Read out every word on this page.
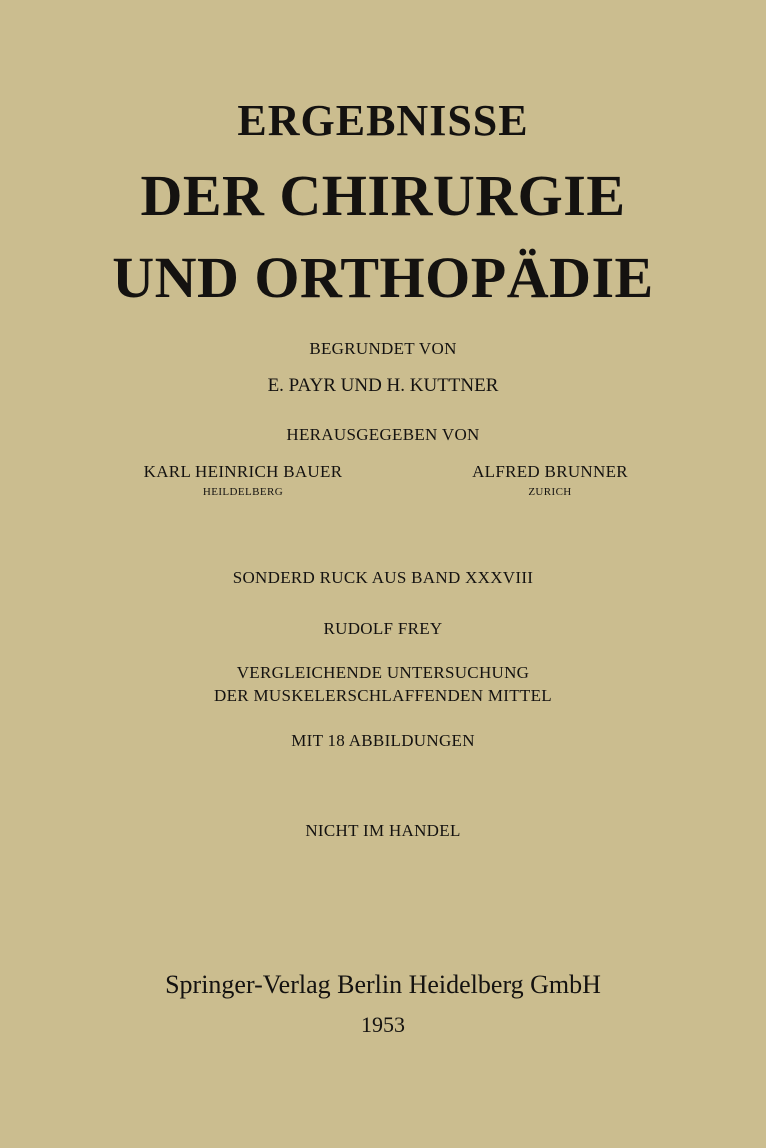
ERGEBNISSE
DER CHIRURGIE
UND ORTHOPÄDIE
BEGRUNDET VON
E. PAYR UND H. KUTTNER
HERAUSGEGEBEN VON
KARL HEINRICH BAUER
HEILDELBERG
ALFRED BRUNNER
ZURICH
SONDERD RUCK AUS BAND XXXVIII
RUDOLF FREY
VERGLEICHENDE UNTERSUCHUNG
DER MUSKELERSCHLAFFENDEN MITTEL
MIT 18 ABBILDUNGEN
NICHT IM HANDEL
Springer-Verlag Berlin Heidelberg GmbH
1953
